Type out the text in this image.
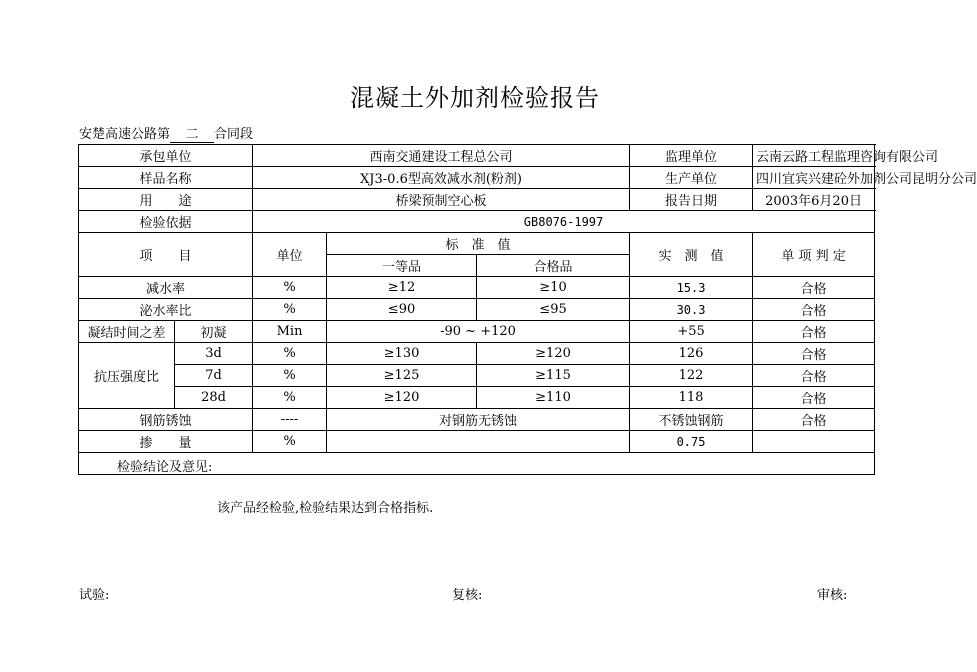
混凝土外加剂检验报告
安楚高速公路第 二 合同段
承包单位		西南交通建设工程总公司			监理单位	云南云路工程监理咨询有限公司
样品名称		XJ3-0.6型高效减水剂(粉剂)			生产单位	四川宜宾兴建砼外加剂公司昆明分公司
用　　途		桥梁预制空心板			报告日期	2003年6月20日
检验依据		GB8076-1997				
项　　目		单位	标　准　值		实　测　值	单 项 判 定
			一等品	合格品		
减水率		%	≥12	≥10	15.3	合格
泌水率比		%	≤90	≤95	30.3	合格
凝结时间之差	初凝	Min	-90 ~ +120		+55	合格
抗压强度比	3d	%	≥130	≥120	126	合格
	7d	%	≥125	≥115	122	合格
	28d	%	≥120	≥110	118	合格
钢筋锈蚀		----	对钢筋无锈蚀		不锈蚀钢筋	合格
掺　　量		%			0.75	

检验结论及意见:
该产品经检验,检验结果达到合格指标.						
试验:	复核:	审核:
